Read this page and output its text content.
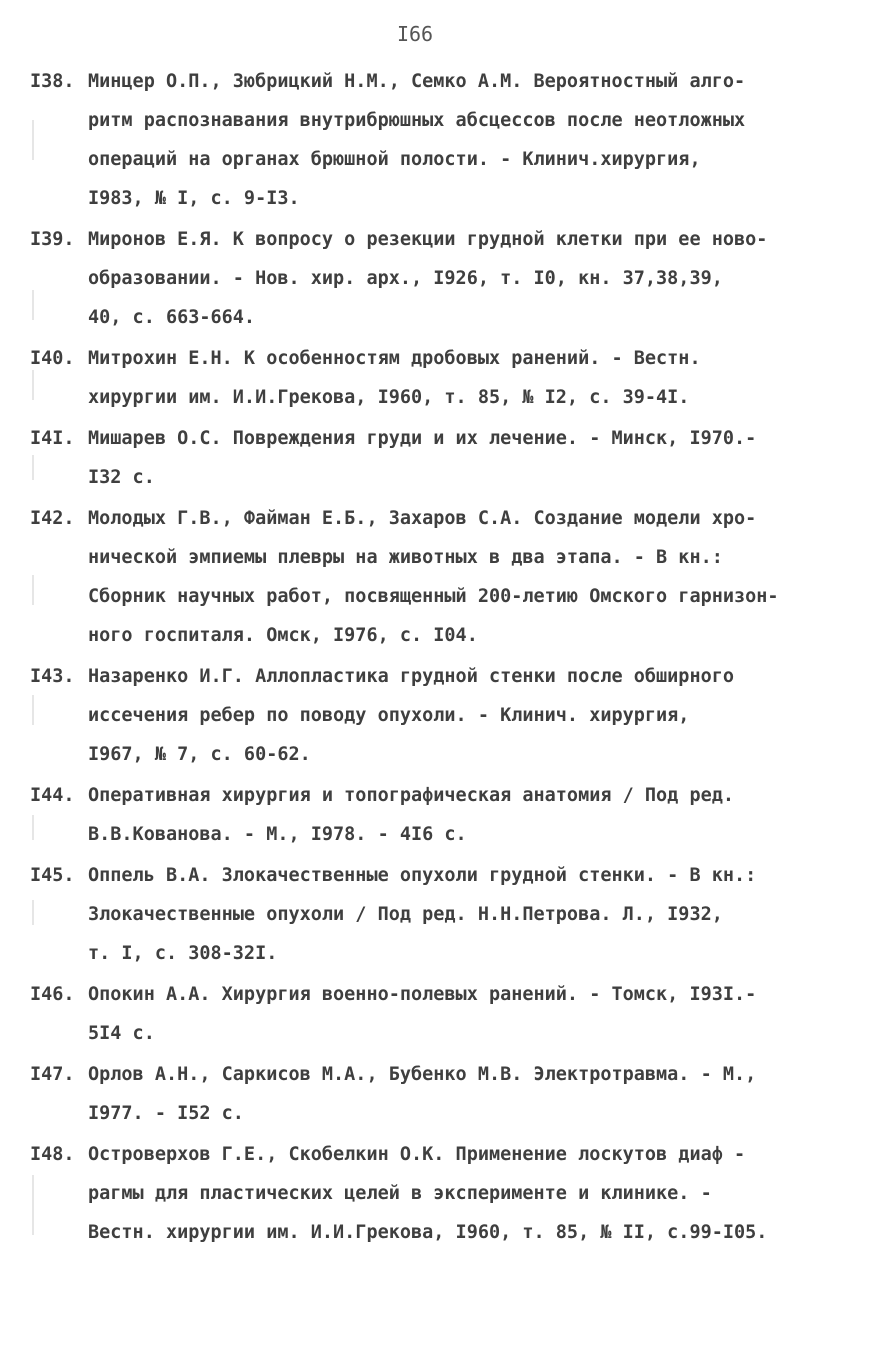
I66
I38. Минцер О.П., Зюбрицкий Н.М., Семко А.М. Вероятностный алго-
ритм распознавания внутрибрюшных абсцессов после неотложных
операций на органах брюшной полости. - Клинич.хирургия,
I983, № I, с. 9-I3.
I39. Миронов Е.Я. К вопросу о резекции грудной клетки при ее ново-
образовании. - Нов. хир. арх., I926, т. I0, кн. 37,38,39,
40, с. 663-664.
I40. Митрохин Е.Н. К особенностям дробовых ранений. - Вестн.
хирургии им. И.И.Грекова, I960, т. 85, № I2, с. 39-4I.
I4I. Мишарев О.С. Повреждения груди и их лечение. - Минск, I970.-
I32 с.
I42. Молодых Г.В., Файман Е.Б., Захаров С.А. Создание модели хро-
нической эмпиемы плевры на животных в два этапа. - В кн.:
Сборник научных работ, посвященный 200-летию Омского гарнизон-
ного госпиталя. Омск, I976, с. I04.
I43. Назаренко И.Г. Аллопластика грудной стенки после обширного
иссечения ребер по поводу опухоли. - Клинич. хирургия,
I967, № 7, с. 60-62.
I44. Оперативная хирургия и топографическая анатомия / Под ред.
В.В.Кованова. - М., I978. - 4I6 с.
I45. Оппель В.А. Злокачественные опухоли грудной стенки. - В кн.:
Злокачественные опухоли / Под ред. Н.Н.Петрова. Л., I932,
т. I, с. 308-32I.
I46. Опокин А.А. Хирургия военно-полевых ранений. - Томск, I93I.-
5I4 с.
I47. Орлов А.Н., Саркисов М.А., Бубенко М.В. Электротравма. - М.,
I977. - I52 с.
I48. Островерхов Г.Е., Скобелкин О.К. Применение лоскутов диаф -
рагмы для пластических целей в эксперименте и клинике. -
Вестн. хирургии им. И.И.Грекова, I960, т. 85, № II, с.99-I05.
